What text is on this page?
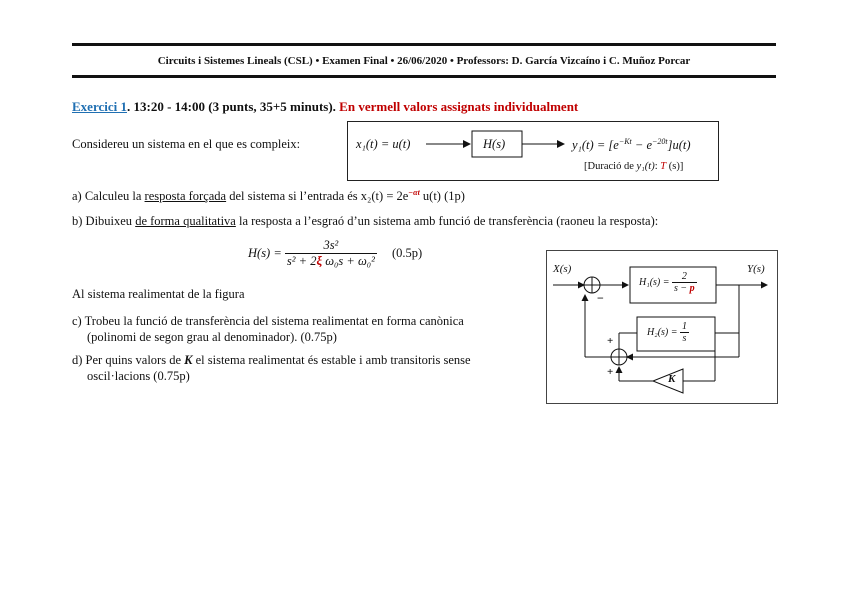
Circuits i Sistemes Lineals (CSL) • Examen Final • 26/06/2020 • Professors: D. García Vizcaíno i C. Muñoz Porcar
Exercici 1. 13:20 - 14:00 (3 punts, 35+5 minuts). En vermell valors assignats individualment
Considereu un sistema en el que es compleix:	x₁(t) = u(t)	H(s)	$y_1(t) = [e^{-Kt} - e^{-20t}]u(t)$
[Duració de y₁(t): T (s)]
a) Calculeu la resposta forçada del sistema si l’entrada és $x_2(t) = 2e^{-\alpha t}$ u(t) (1p)
b) Dibuixeu de forma qualitativa la resposta a l’esgraó d’un sistema amb funció de transferència (raoneu la resposta):
$H(s) = \frac{\text{3s²}}{\text{s² + 2ξ ω₀s + ω₀²}} (0.5p)$
Al sistema realimentat de la figura
c) Trobeu la funció de transferència del sistema realimentat en forma canònica
(polinomi de segon grau al denominador). (0.75p)
d) Per quins valors de K el sistema realimentat és estable i amb transitoris sense
oscil·lacions (0.75p)
X(s)	Y(s)
−
+
+
$H_1(s) = \frac{2}{s - p}$
$H_2(s) = \frac{1}{s}$
K
